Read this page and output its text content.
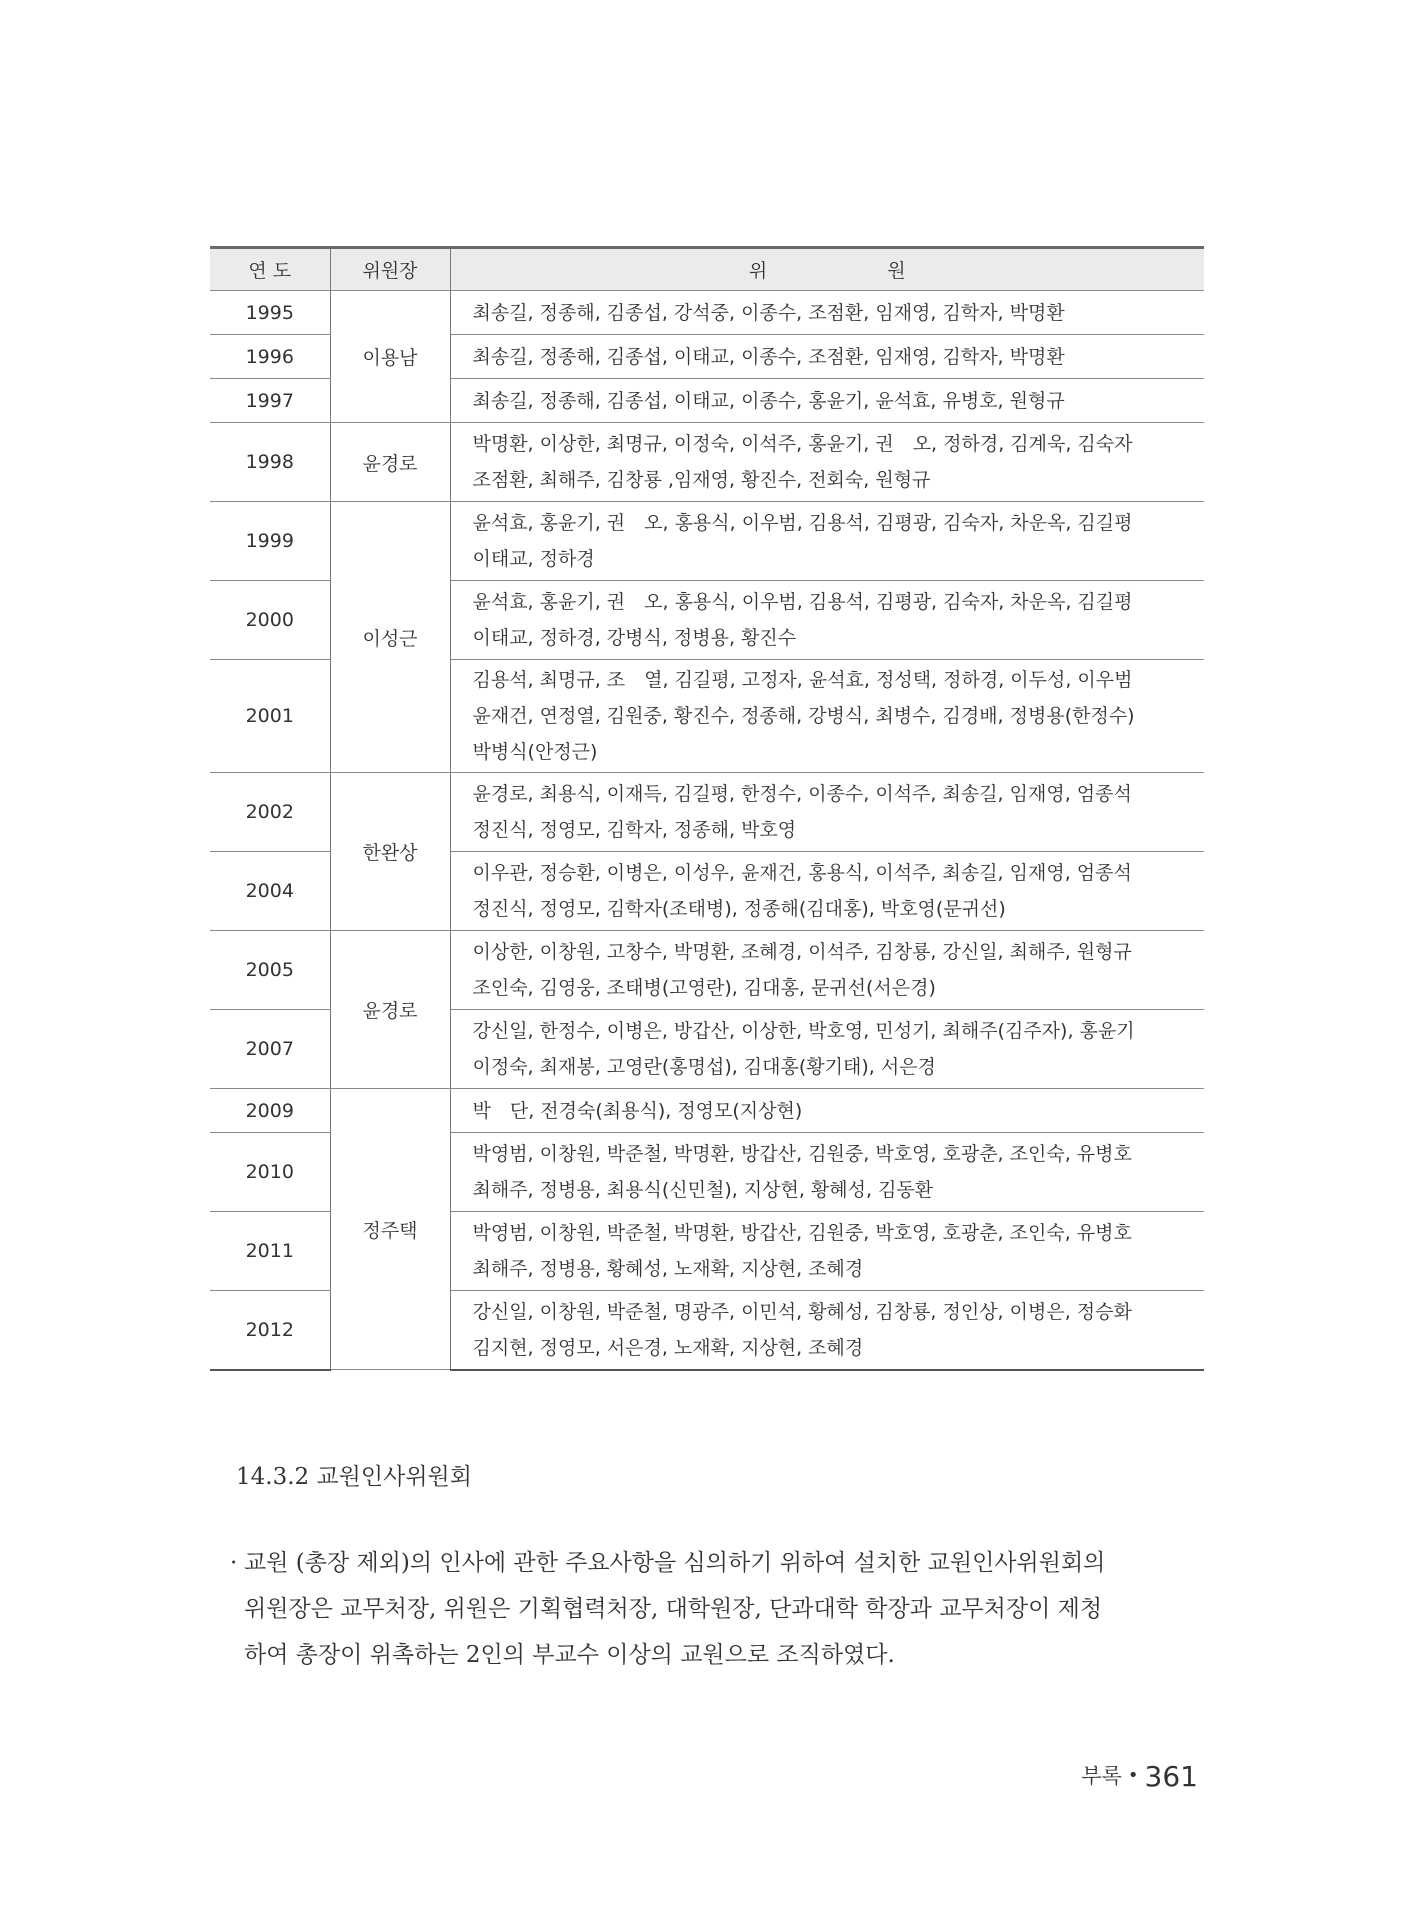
연 도	위원장	위 원
1995	이용남	최송길, 정종해, 김종섭, 강석중, 이종수, 조점환, 임재영, 김학자, 박명환

1996		최송길, 정종해, 김종섭, 이태교, 이종수, 조점환, 임재영, 김학자, 박명환

1997		최송길, 정종해, 김종섭, 이태교, 이종수, 홍윤기, 윤석효, 유병호, 원형규

1998	윤경로	박명환, 이상한, 최명규, 이정숙, 이석주, 홍윤기, 권　오, 정하경, 김계욱, 김숙자
조점환, 최해주, 김창룡 ,임재영, 황진수, 전회숙, 원형규

1999	이성근	윤석효, 홍윤기, 권　오, 홍용식, 이우범, 김용석, 김평광, 김숙자, 차운옥, 김길평
이태교, 정하경

2000		윤석효, 홍윤기, 권　오, 홍용식, 이우범, 김용석, 김평광, 김숙자, 차운옥, 김길평
이태교, 정하경, 강병식, 정병용, 황진수

2001		김용석, 최명규, 조　열, 김길평, 고정자, 윤석효, 정성택, 정하경, 이두성, 이우범
윤재건, 연정열, 김원중, 황진수, 정종해, 강병식, 최병수, 김경배, 정병용(한정수)
박병식(안정근)

2002	한완상	윤경로, 최용식, 이재득, 김길평, 한정수, 이종수, 이석주, 최송길, 임재영, 엄종석
정진식, 정영모, 김학자, 정종해, 박호영

2004		이우관, 정승환, 이병은, 이성우, 윤재건, 홍용식, 이석주, 최송길, 임재영, 엄종석
정진식, 정영모, 김학자(조태병), 정종해(김대홍), 박호영(문귀선)

2005	윤경로	이상한, 이창원, 고창수, 박명환, 조혜경, 이석주, 김창룡, 강신일, 최해주, 원형규
조인숙, 김영웅, 조태병(고영란), 김대홍, 문귀선(서은경)

2007		강신일, 한정수, 이병은, 방갑산, 이상한, 박호영, 민성기, 최해주(김주자), 홍윤기
이정숙, 최재봉, 고영란(홍명섭), 김대홍(황기태), 서은경

2009	정주택	박　단, 전경숙(최용식), 정영모(지상현)

2010		박영범, 이창원, 박준철, 박명환, 방갑산, 김원중, 박호영, 호광춘, 조인숙, 유병호
최해주, 정병용, 최용식(신민철), 지상현, 황혜성, 김동환

2011		박영범, 이창원, 박준철, 박명환, 방갑산, 김원중, 박호영, 호광춘, 조인숙, 유병호
최해주, 정병용, 황혜성, 노재확, 지상현, 조혜경

2012		강신일, 이창원, 박준철, 명광주, 이민석, 황혜성, 김창룡, 정인상, 이병은, 정승화
김지현, 정영모, 서은경, 노재확, 지상현, 조혜경
14.3.2 교원인사위원회
· 교원 (총장 제외)의 인사에 관한 주요사항을 심의하기 위하여 설치한 교원인사위원회의
위원장은 교무처장, 위원은 기획협력처장, 대학원장, 단과대학 학장과 교무처장이 제청
하여 총장이 위촉하는 2인의 부교수 이상의 교원으로 조직하였다.
부록 • 361
